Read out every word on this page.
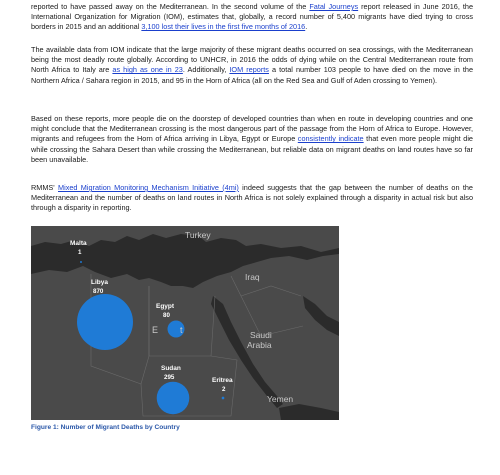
reported to have passed away on the Mediterranean. In the second volume of the Fatal Journeys report released in June 2016, the International Organization for Migration (IOM), estimates that, globally, a record number of 5,400 migrants have died trying to cross borders in 2015 and an additional 3,100 lost their lives in the first five months of 2016.
The available data from IOM indicate that the large majority of these migrant deaths occurred on sea crossings, with the Mediterranean being the most deadly route globally. According to UNHCR, in 2016 the odds of dying while on the Central Mediterranean route from North Africa to Italy are as high as one in 23. Additionally, IOM reports a total number 103 people to have died on the move in the Northern Africa / Sahara region in 2015, and 95 in the Horn of Africa (all on the Red Sea and Gulf of Aden crossing to Yemen).
Based on these reports, more people die on the doorstep of developed countries than when en route in developing countries and one might conclude that the Mediterranean crossing is the most dangerous part of the passage from the Horn of Africa to Europe. However, migrants and refugees from the Horn of Africa arriving in Libya, Egypt or Europe consistently indicate that even more people might die while crossing the Sahara Desert than while crossing the Mediterranean, but reliable data on migrant deaths on land routes have so far been unavailable.
RMMS' Mixed Migration Monitoring Mechanism Initiative (4mi) indeed suggests that the gap between the number of deaths on the Mediterranean and the number of deaths on land routes in North Africa is not solely explained through a disparity in actual risk but also through a disparity in reporting.
Turkey
Iraq
Saudi
Arabia
Yemen
E t
Malta
1
Libya
870
Egypt
80
Sudan
295	Eritrea
2
Figure 1: Number of Migrant Deaths by Country
